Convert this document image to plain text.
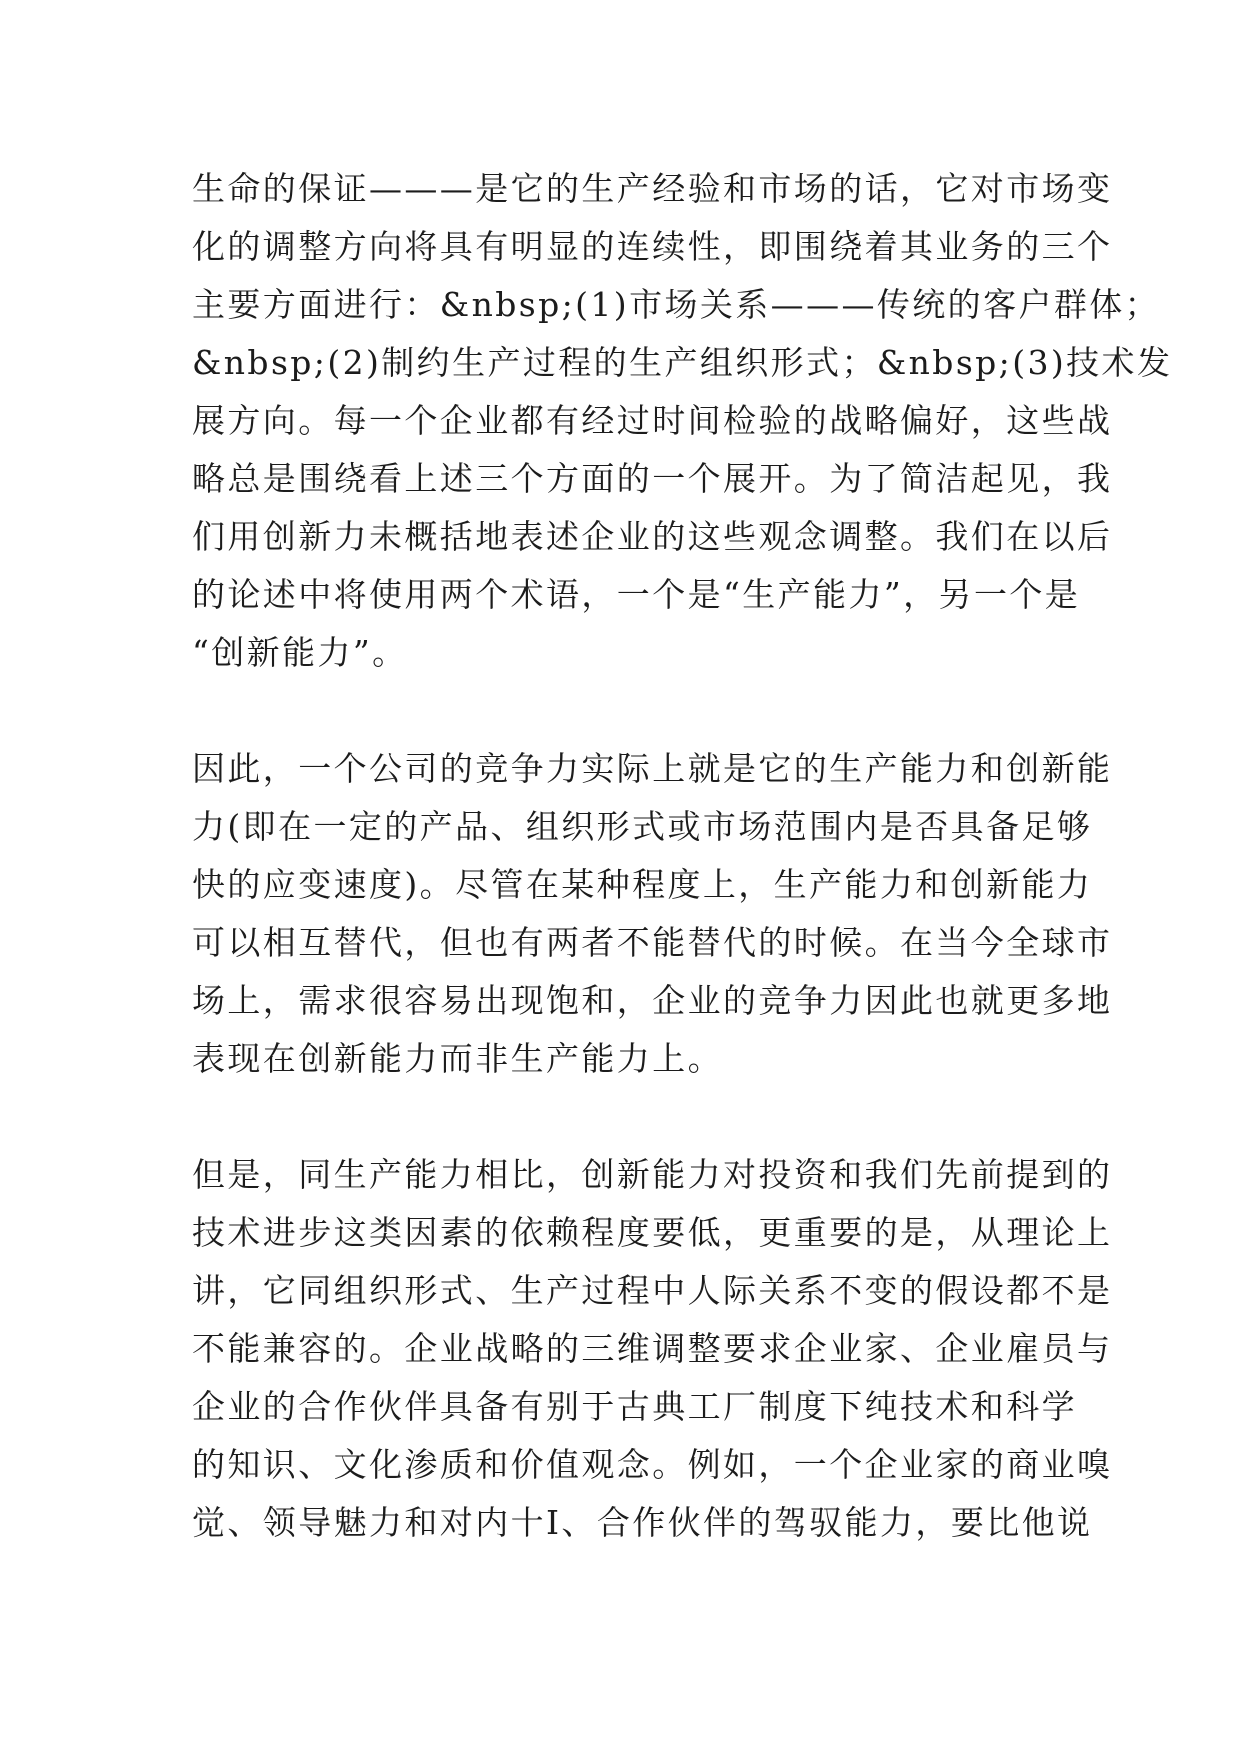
生命的保证———是它的生产经验和市场的话，它对市场变
化的调整方向将具有明显的连续性，即围绕着其业务的三个
主要方面进行：&nbsp;(1)市场关系———传统的客户群体；
&nbsp;(2)制约生产过程的生产组织形式；&nbsp;(3)技术发
展方向。每一个企业都有经过时间检验的战略偏好，这些战
略总是围绕看上述三个方面的一个展开。为了简洁起见，我
们用创新力未概括地表述企业的这些观念调整。我们在以后
的论述中将使用两个术语，一个是“生产能力”，另一个是
“创新能力”。
因此，一个公司的竞争力实际上就是它的生产能力和创新能
力(即在一定的产品、组织形式或市场范围内是否具备足够
快的应变速度)。尽管在某种程度上，生产能力和创新能力
可以相互替代，但也有两者不能替代的时候。在当今全球市
场上，需求很容易出现饱和，企业的竞争力因此也就更多地
表现在创新能力而非生产能力上。
但是，同生产能力相比，创新能力对投资和我们先前提到的
技术进步这类因素的依赖程度要低，更重要的是，从理论上
讲，它同组织形式、生产过程中人际关系不变的假设都不是
不能兼容的。企业战略的三维调整要求企业家、企业雇员与
企业的合作伙伴具备有别于古典工厂制度下纯技术和科学
的知识、文化渗质和价值观念。例如，一个企业家的商业嗅
觉、领导魅力和对内十Ⅰ、合作伙伴的驾驭能力，要比他说
